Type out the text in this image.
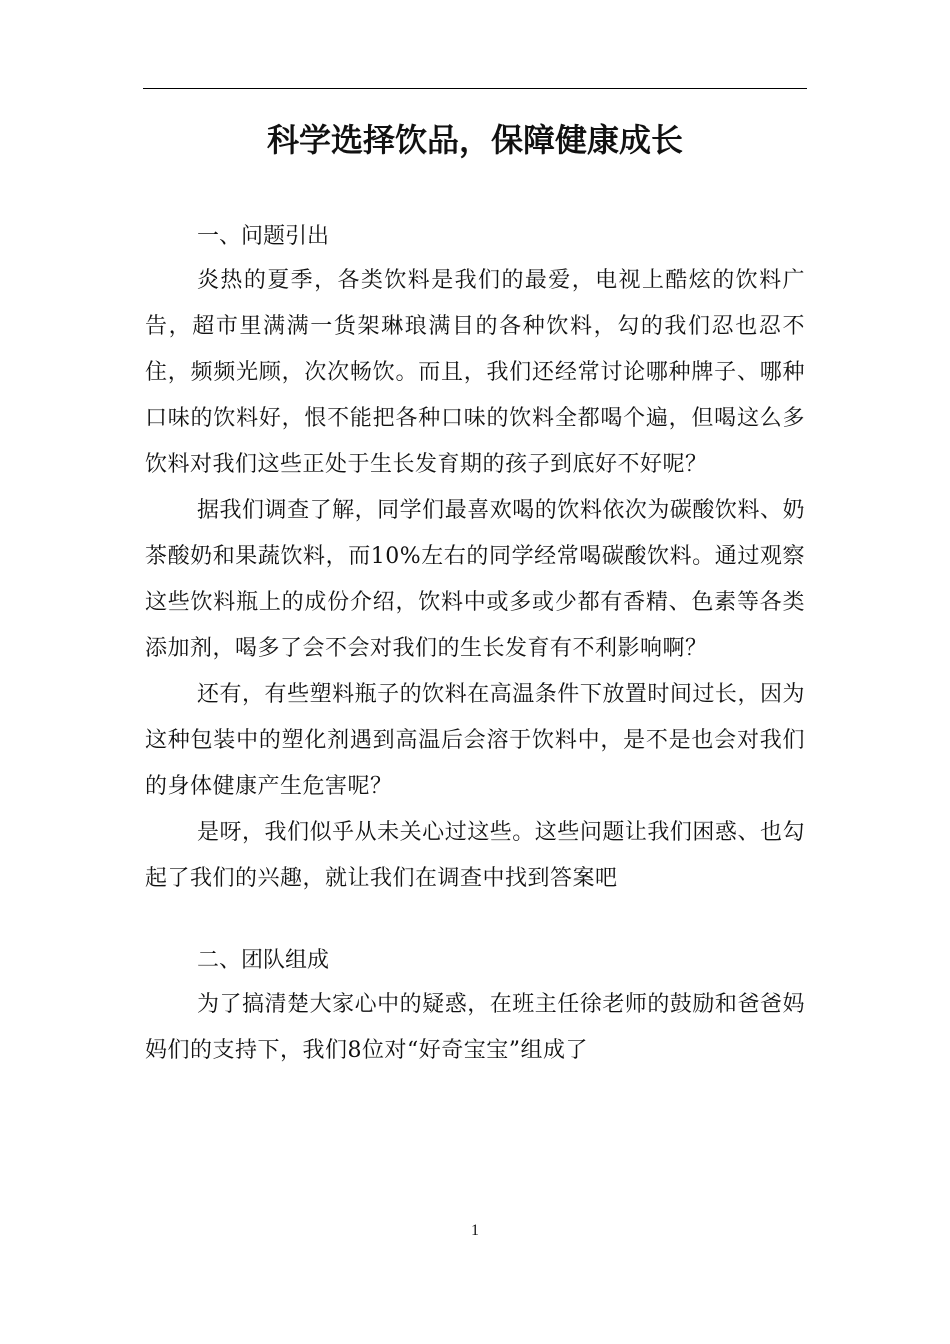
科学选择饮品，保障健康成长
一、问题引出

炎热的夏季，各类饮料是我们的最爱，电视上酷炫的饮料广告，超市里满满一货架琳琅满目的各种饮料，勾的我们忍也忍不住，频频光顾，次次畅饮。而且，我们还经常讨论哪种牌子、哪种口味的饮料好，恨不能把各种口味的饮料全都喝个遍，但喝这么多饮料对我们这些正处于生长发育期的孩子到底好不好呢？

据我们调查了解，同学们最喜欢喝的饮料依次为碳酸饮料、奶茶酸奶和果蔬饮料，而10%左右的同学经常喝碳酸饮料。通过观察这些饮料瓶上的成份介绍，饮料中或多或少都有香精、色素等各类添加剂，喝多了会不会对我们的生长发育有不利影响啊？

还有，有些塑料瓶子的饮料在高温条件下放置时间过长，因为这种包装中的塑化剂遇到高温后会溶于饮料中，是不是也会对我们的身体健康产生危害呢？

是呀，我们似乎从未关心过这些。这些问题让我们困惑、也勾起了我们的兴趣，就让我们在调查中找到答案吧

二、团队组成

为了搞清楚大家心中的疑惑，在班主任徐老师的鼓励和爸爸妈妈们的支持下，我们8位对“好奇宝宝”组成了

1
